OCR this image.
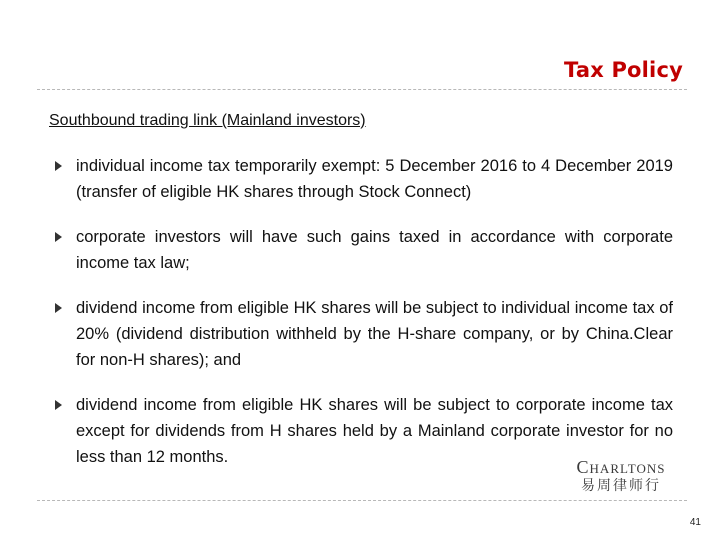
Tax Policy
Southbound trading link (Mainland investors)
individual income tax temporarily exempt: 5 December 2016 to 4 December 2019 (transfer of eligible HK shares through Stock Connect)
corporate investors will have such gains taxed in accordance with corporate income tax law;
dividend income from eligible HK shares will be subject to individual income tax of 20% (dividend distribution withheld by the H-share company, or by China.Clear for non-H shares); and
dividend income from eligible HK shares will be subject to corporate income tax except for dividends from H shares held by a Mainland corporate investor for no less than 12 months.	Charltons
易周律师行
41
